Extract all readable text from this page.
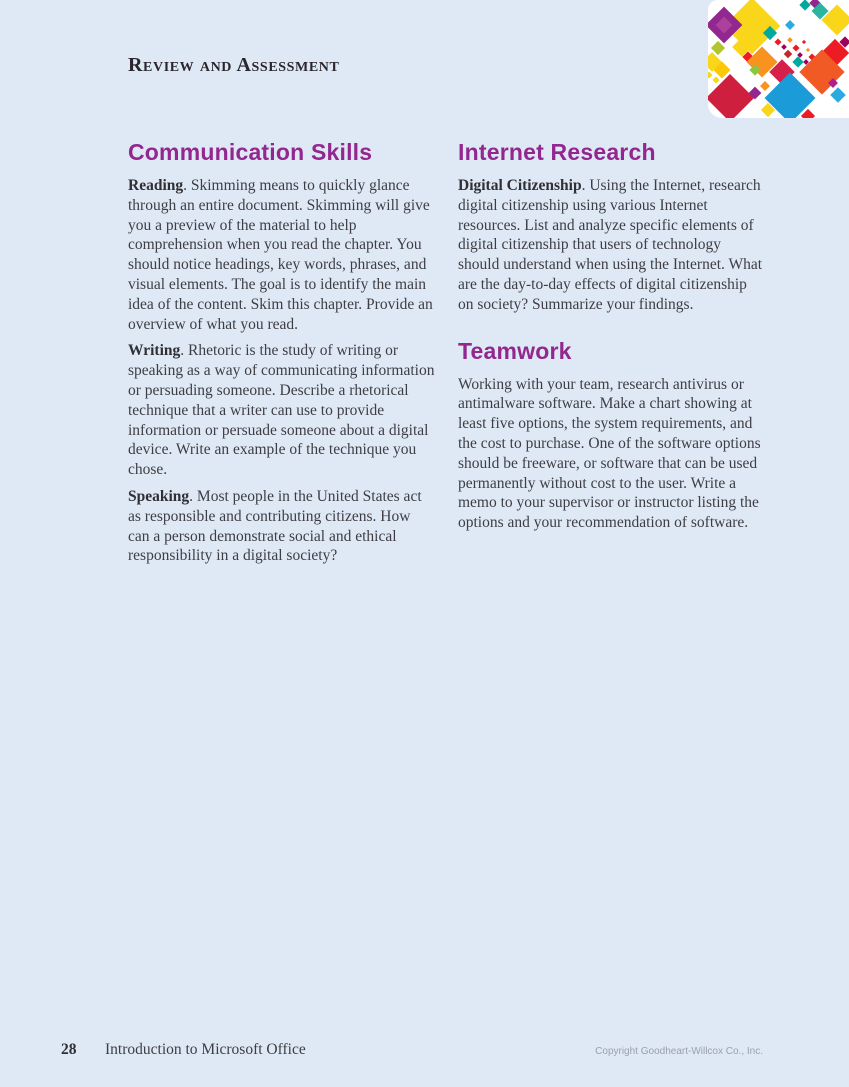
Review and Assessment
Communication Skills

Reading. Skimming means to quickly glance through an entire document. Skimming will give you a preview of the material to help comprehension when you read the chapter. You should notice headings, key words, phrases, and visual elements. The goal is to identify the main idea of the content. Skim this chapter. Provide an overview of what you read.

Writing. Rhetoric is the study of writing or speaking as a way of communicating information or persuading someone. Describe a rhetorical technique that a writer can use to provide information or persuade someone about a digital device. Write an example of the technique you chose.

Speaking. Most people in the United States act as responsible and contributing citizens. How can a person demonstrate social and ethical responsibility in a digital society?

Internet Research

Digital Citizenship. Using the Internet, research digital citizenship using various Internet resources. List and analyze specific elements of digital citizenship that users of technology should understand when using the Internet. What are the day-to-day effects of digital citizenship on society? Summarize your findings.

Teamwork

Working with your team, research antivirus or antimalware software. Make a chart showing at least five options, the system requirements, and the cost to purchase. One of the software options should be freeware, or software that can be used permanently without cost to the user. Write a memo to your supervisor or instructor listing the options and your recommendation of software.

28 Introduction to Microsoft Office	Copyright Goodheart-Willcox Co., Inc.
